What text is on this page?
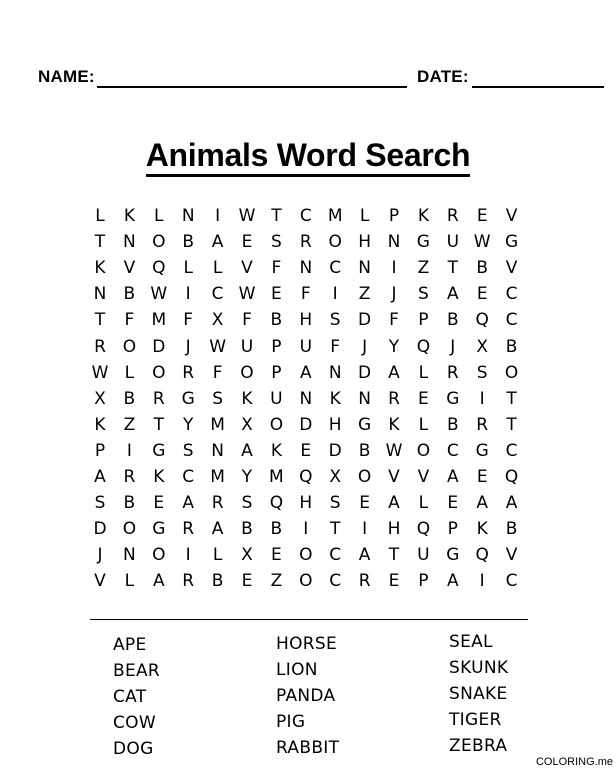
NAME:	DATE:
Animals Word Search
L	K	L	N	I	W T	C M	L	P	K	R	E	V
T	N O B	A	E	S	R O H N G U W G
K	V Q	L	L	V	F	N	C	N	I	Z	T	B	V
N	B W	I	C W E	F	I	Z	J	S	A	E	C
T	F	M	F	X	F	B	H	S	D	F	P	B Q C
R O D	J	W U	P	U	F	J	Y	Q	J	X	B
W L	O R	F	O	P	A	N D	A	L	R	S	O
X	B	R G	S	K	U N	K	N	R	E	G	I	T
K	Z	T	Y M X O D H G	K	L	B	R	T
P	I	G	S	N	A	K	E	D	B W O C G C
A	R	K	C M Y M Q X O V	V	A	E	Q
S	B	E	A	R	S	Q H	S	E	A	L	E	A	A
D O G R	A	B	B	I	T	I	H Q	P	K	B
J	N O	I	L	X	E	O C	A	T	U G Q V
V	L	A	R	B	E	Z O C	R	E	P	A	I	C
APE
BEAR
CAT
COW
DOG
HORSE
LION
PANDA
PIG
RABBIT
SEAL
SKUNK
SNAKE
TIGER
ZEBRA
COLORING.me
